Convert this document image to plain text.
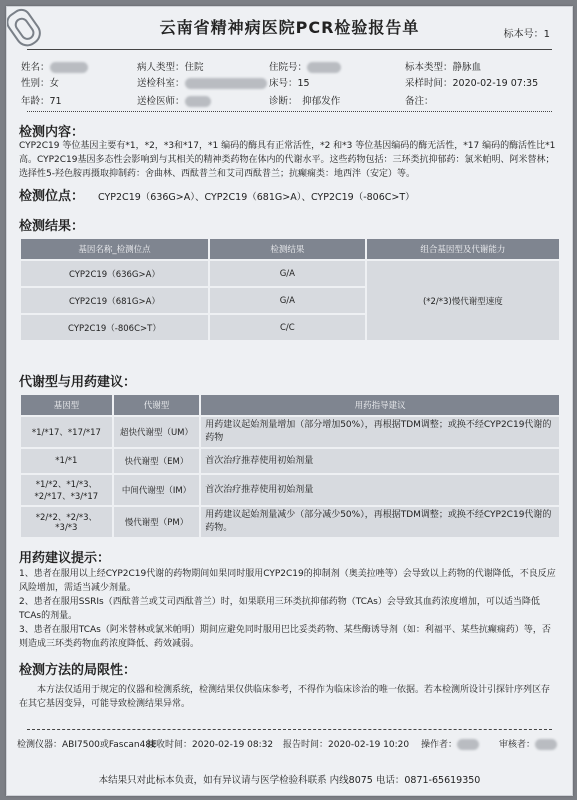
云南省精神病医院PCR检验报告单	标本号：1
姓名：
性别：女
年龄：71
病人类型：住院
送检科室：
送检医师：
住院号：
床号：15
诊断：　抑郁发作
标本类型：静脉血
采样时间：2020-02-19 07:35
备注：
检测内容：

CYP2C19 等位基因主要有*1，*2，*3和*17，*1 编码的酶具有正常活性，*2 和*3 等位基因编码的酶无活性，*17 编码的酶活性比*1高。CYP2C19基因多态性会影响到与其相关的精神类药物在体内的代谢水平。这些药物包括：三环类抗抑郁药：氯米帕明、阿米替林；选择性5-羟色胺再摄取抑制药：舍曲林、西酞普兰和艾司西酞普兰；抗癫痫类：地西泮（安定）等。

检测位点： CYP2C19（636G>A）、CYP2C19（681G>A）、CYP2C19（-806C>T）
检测结果：
基因名称_检测位点	检测结果	组合基因型及代谢能力
CYP2C19（636G>A）	G/A	(*2/*3)慢代谢型速度
CYP2C19（681G>A）	G/A	
CYP2C19（-806C>T）	C/C	
代谢型与用药建议：
基因型	代谢型	用药指导建议
*1/*17、*17/*17	超快代谢型（UM）	用药建议起始剂量增加（部分增加50%），再根据TDM调整；或换不经CYP2C19代谢的药物
*1/*1	快代谢型（EM）	首次治疗推荐使用初始剂量
*1/*2、*1/*3、*2/*17、*3/*17	中间代谢型（IM）	首次治疗推荐使用初始剂量
*2/*2、*2/*3、*3/*3	慢代谢型（PM）	用药建议起始剂量减少（部分减少50%），再根据TDM调整；或换不经CYP2C19代谢的药物。
用药建议提示：

1、患者在服用以上经CYP2C19代谢的药物期间如果同时服用CYP2C19的抑制剂（奥美拉唑等）会导致以上药物的代谢降低，不良反应风险增加，需适当减少剂量。

2、患者在服用SSRIs（西酞普兰或艾司西酞普兰）时，如果联用三环类抗抑郁药物（TCAs）会导致其血药浓度增加，可以适当降低TCAs的剂量。

3、患者在服用TCAs（阿米替林或氯米帕明）期间应避免同时服用巴比妥类药物、某些酶诱导剂（如：利福平、某些抗癫痫药）等，否则造成三环类药物血药浓度降低、药效减弱。

检测方法的局限性：

本方法仅适用于规定的仪器和检测系统，检测结果仅供临床参考，不得作为临床诊治的唯一依据。若本检测所设计引探针序列区存在其它基因变异，可能导致检测结果异常。

检测仪器：ABI7500或Fascan48E
接收时间：2020-02-19 08:32 报告时间：2020-02-19 10:20 操作者：	审核者：
本结果只对此标本负责，如有异议请与医学检验科联系 内线8075 电话：0871-65619350
